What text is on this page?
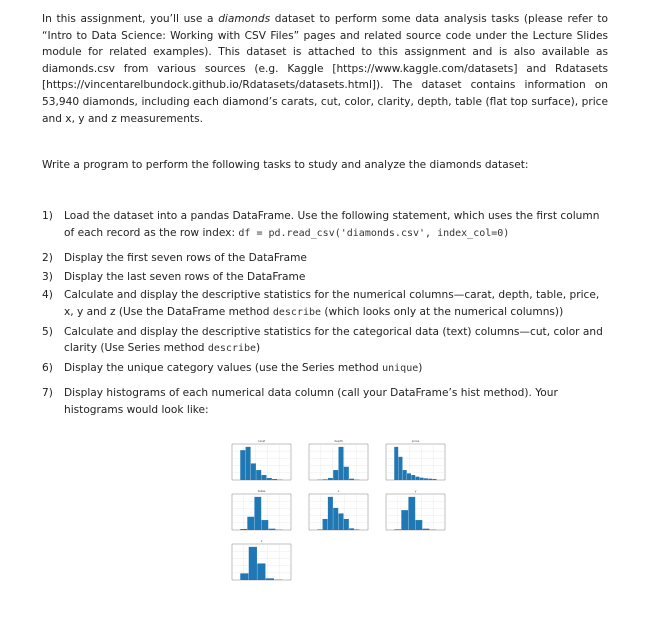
In this assignment, you’ll use a diamonds dataset to perform some data analysis tasks (please refer to “Intro to Data Science: Working with CSV Files” pages and related source code under the Lecture Slides module for related examples). This dataset is attached to this assignment and is also available as diamonds.csv from various sources (e.g. Kaggle [https://www.kaggle.com/datasets] and Rdatasets [https://vincentarelbundock.github.io/Rdatasets/datasets.html]). The dataset contains information on 53,940 diamonds, including each diamond’s carats, cut, color, clarity, depth, table (flat top surface), price and x, y and z measurements.

Write a program to perform the following tasks to study and analyze the diamonds dataset:

1) Load the dataset into a pandas DataFrame. Use the following statement, which uses the first column of each record as the row index: df = pd.read_csv('diamonds.csv', index_col=0)
2) Display the first seven rows of the DataFrame
3) Display the last seven rows of the DataFrame
4) Calculate and display the descriptive statistics for the numerical columns—carat, depth, table, price, x, y and z (Use the DataFrame method describe (which looks only at the numerical columns))
5) Calculate and display the descriptive statistics for the categorical data (text) columns—cut, color and clarity (Use Series method describe)
6) Display the unique category values (use the Series method unique)
7) Display histograms of each numerical data column (call your DataFrame’s hist method). Your histograms would look like:
carat	depth	price
table	x	y
z
